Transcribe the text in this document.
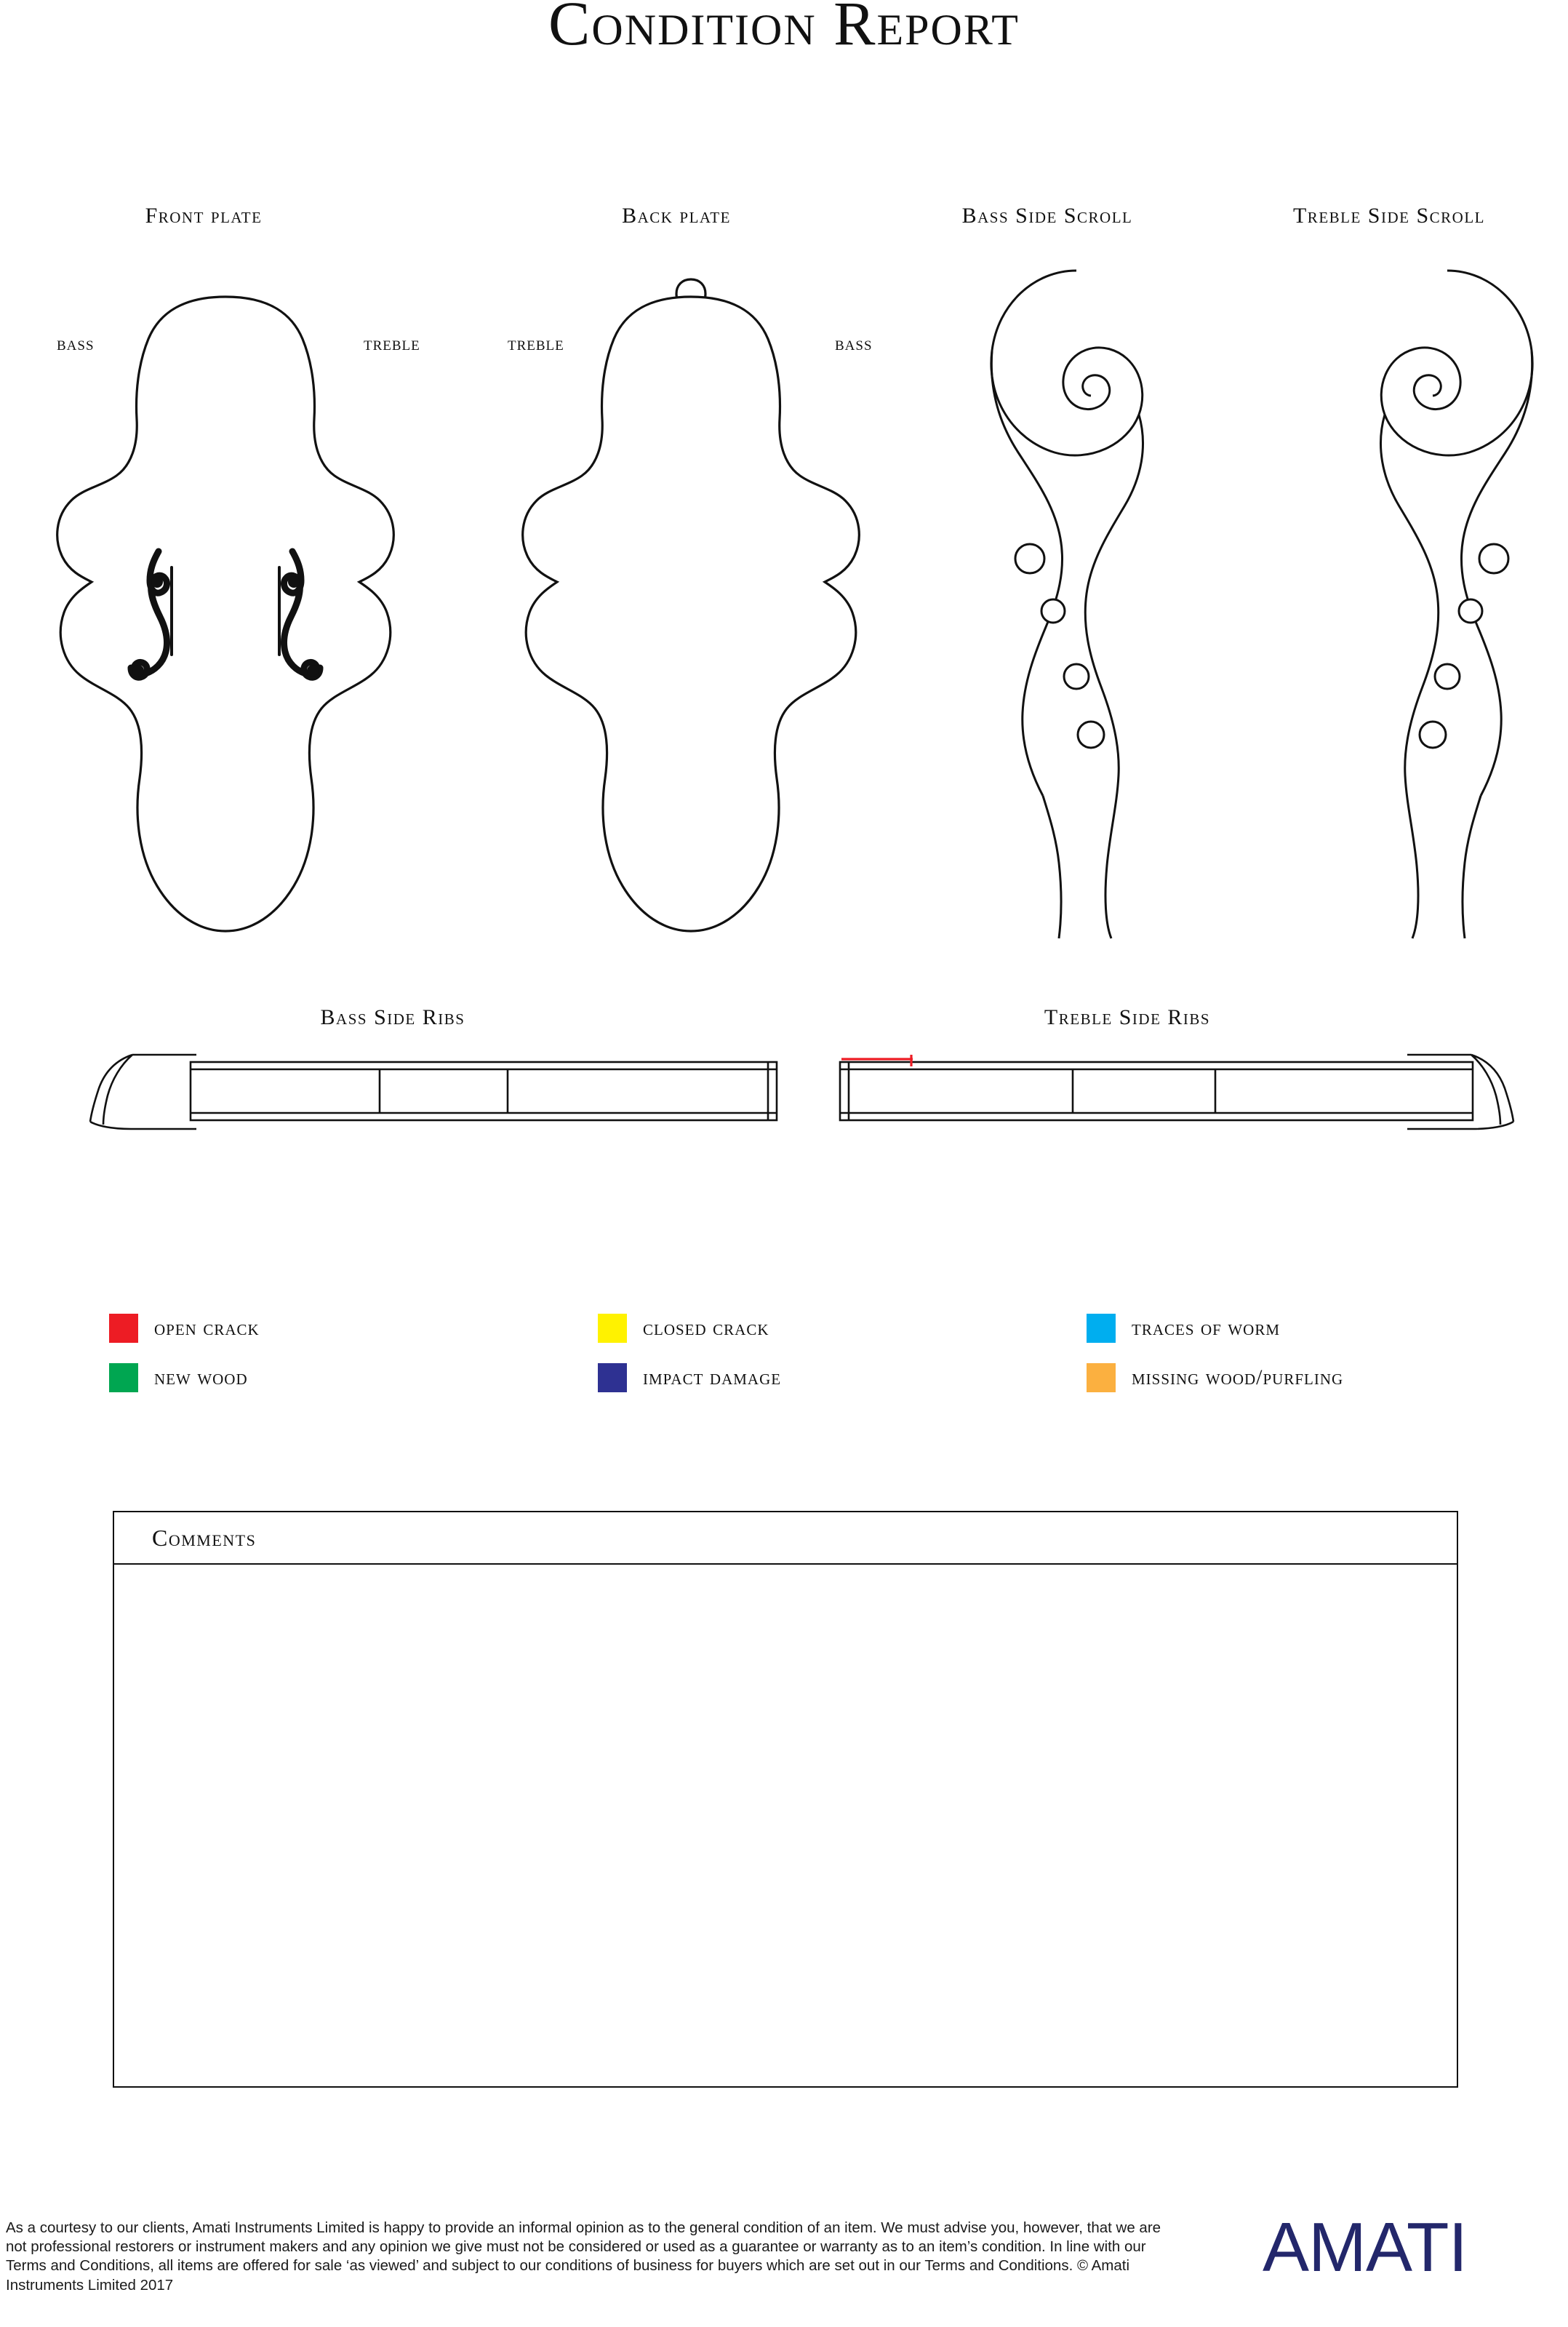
Condition Report
Front plate	Back plate	Bass Side Scroll	Treble Side Scroll
BASS	TREBLE	TREBLE	BASS
Bass Side Ribs	Treble Side Ribs
open crack	closed crack	traces of worm
new wood	impact damage	missing wood/purfling
Comments
As a courtesy to our clients, Amati Instruments Limited is happy to provide an informal opinion as to the general condition of an item. We must advise you, however, that we are not professional restorers or instrument makers and any opinion we give must not be considered or used as a guarantee or warranty as to an item’s condition. In line with our Terms and Conditions, all items are offered for sale ‘as viewed’ and subject to our conditions of business for buyers which are set out in our Terms and Conditions. © Amati Instruments Limited 2017	AMATI
